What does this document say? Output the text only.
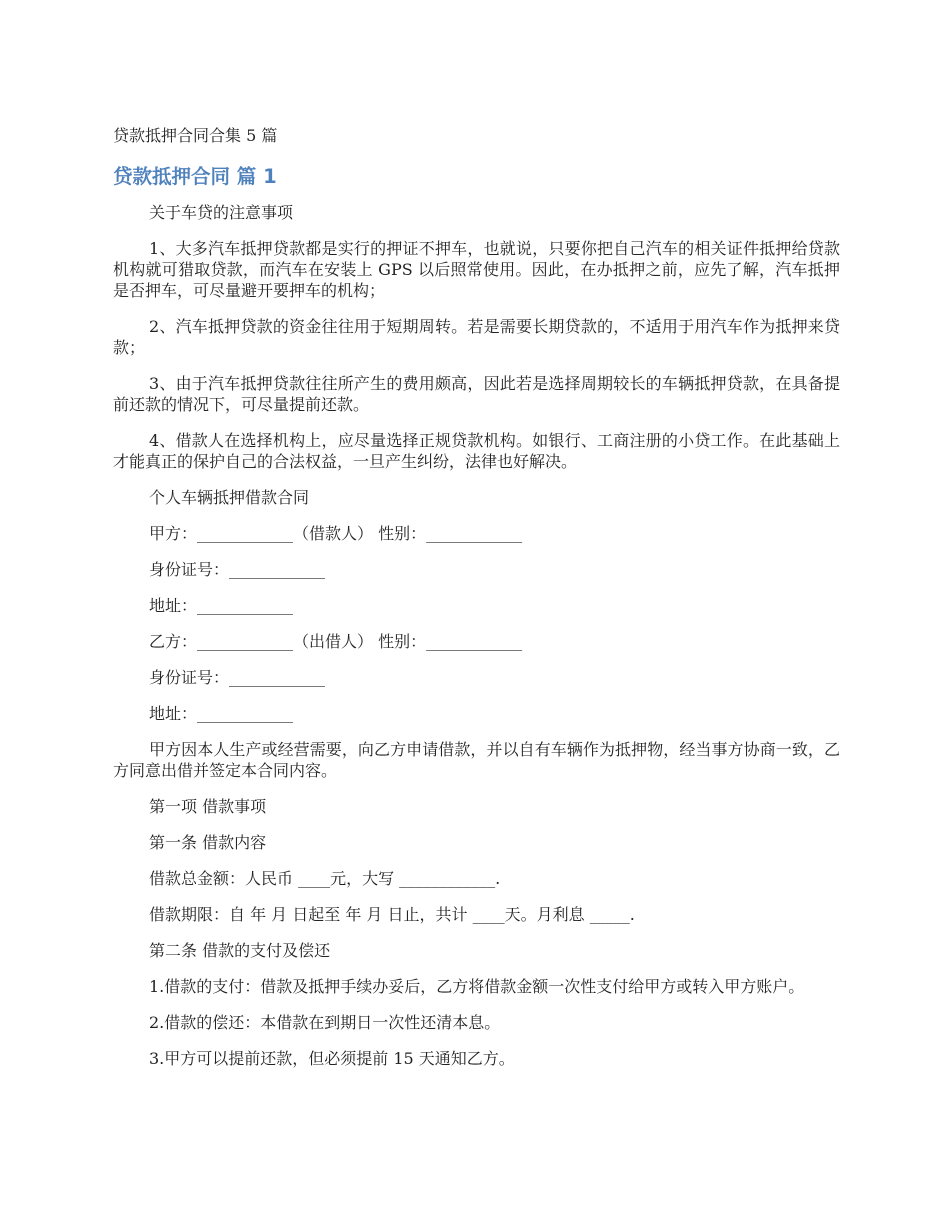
贷款抵押合同合集 5 篇
贷款抵押合同 篇 1

关于车贷的注意事项

1、大多汽车抵押贷款都是实行的押证不押车，也就说，只要你把自己汽车的相关证件抵押给贷款机构就可猎取贷款，而汽车在安装上 GPS 以后照常使用。因此，在办抵押之前，应先了解，汽车抵押是否押车，可尽量避开要押车的机构；

2、汽车抵押贷款的资金往往用于短期周转。若是需要长期贷款的，不适用于用汽车作为抵押来贷款；

3、由于汽车抵押贷款往往所产生的费用颇高，因此若是选择周期较长的车辆抵押贷款，在具备提前还款的情况下，可尽量提前还款。

4、借款人在选择机构上，应尽量选择正规贷款机构。如银行、工商注册的小贷工作。在此基础上才能真正的保护自己的合法权益，一旦产生纠纷，法律也好解决。

个人车辆抵押借款合同

甲方：____________（借款人） 性别：____________

身份证号：____________

地址：____________

乙方：____________（出借人） 性别：____________

身份证号：____________

地址：____________

甲方因本人生产或经营需要，向乙方申请借款，并以自有车辆作为抵押物，经当事方协商一致，乙方同意出借并签定本合同内容。

第一项 借款事项

第一条 借款内容

借款总金额：人民币 ____元，大写 ____________.

借款期限：自 年 月 日起至 年 月 日止，共计 ____天。月利息 _____.

第二条 借款的支付及偿还

1.借款的支付：借款及抵押手续办妥后，乙方将借款金额一次性支付给甲方或转入甲方账户。

2.借款的偿还：本借款在到期日一次性还清本息。

3.甲方可以提前还款，但必须提前 15 天通知乙方。
